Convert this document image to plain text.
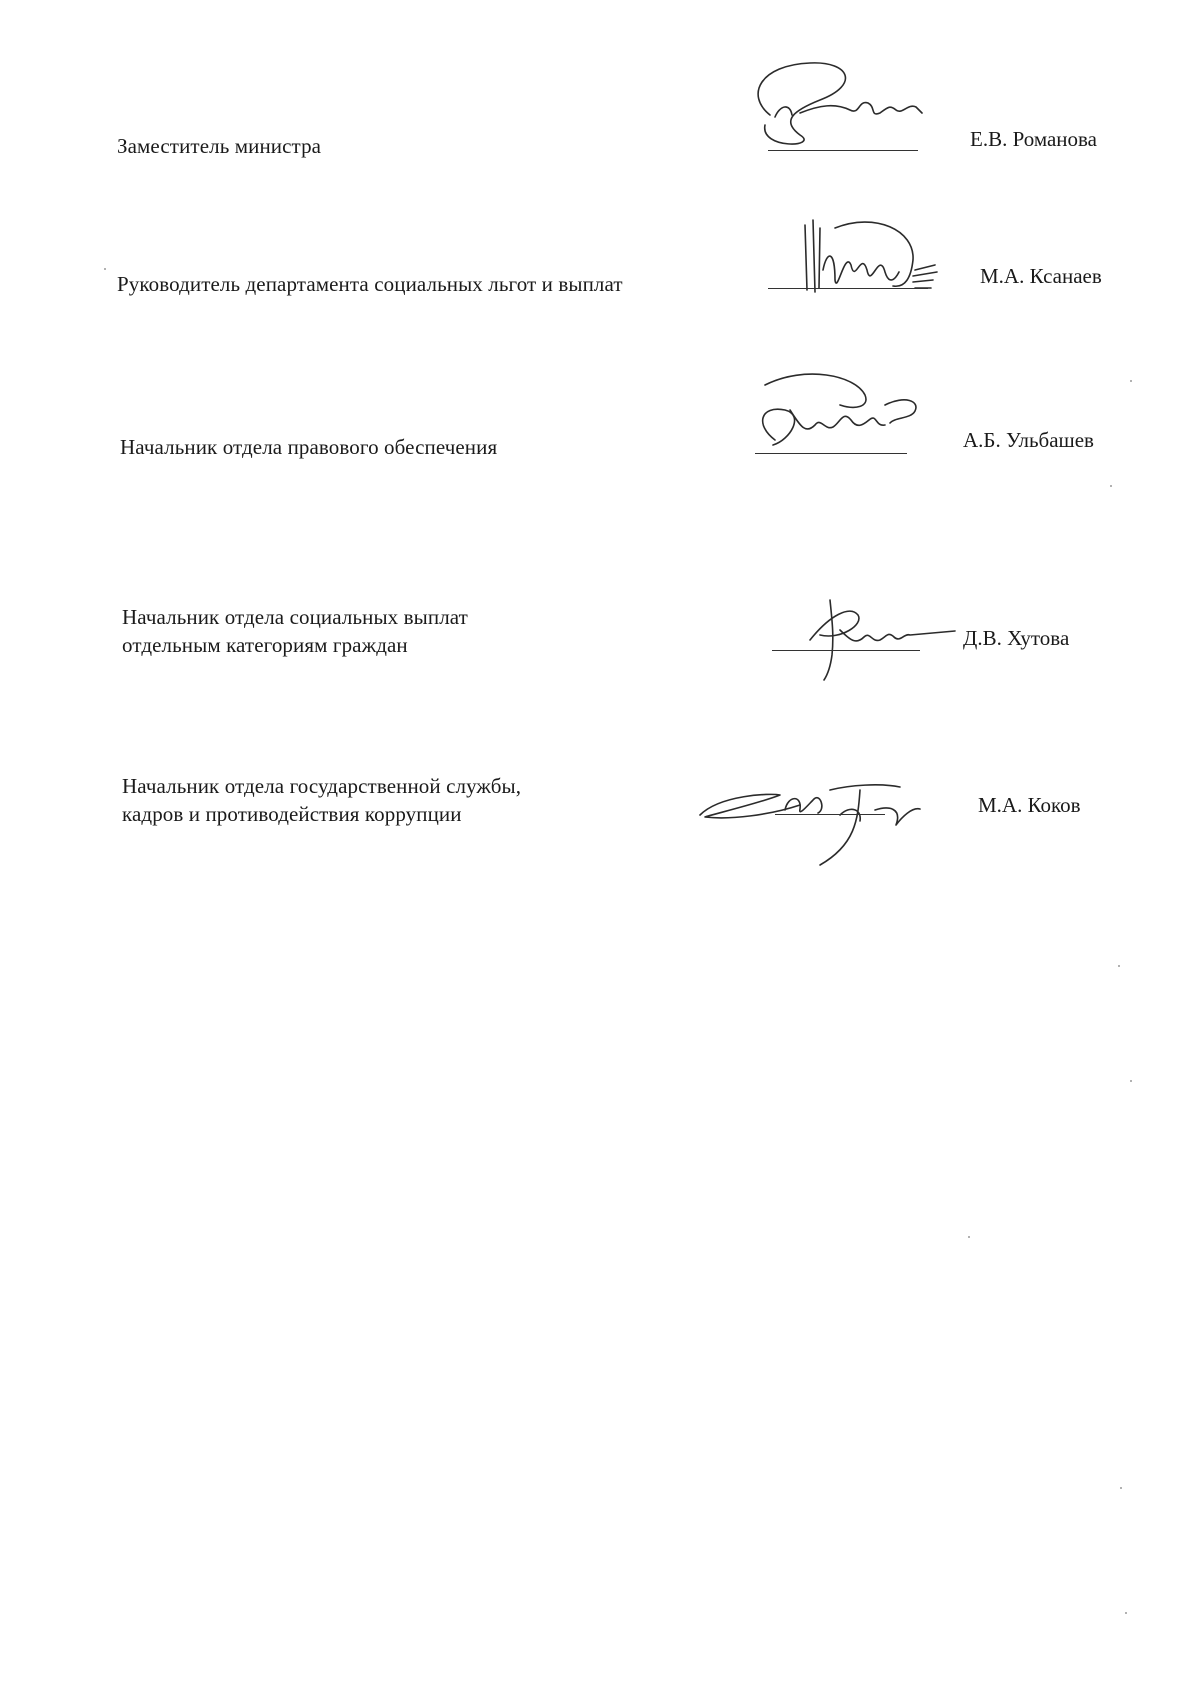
Заместитель министра	Е.В. Романова
Руководитель департамента социальных льгот и выплат	М.А. Ксанаев
Начальник отдела правового обеспечения	А.Б. Ульбашев
Начальник отдела социальных выплат
отдельным категориям граждан	Д.В. Хутова
Начальник отдела государственной службы,
кадров и противодействия коррупции	М.А. Коков
